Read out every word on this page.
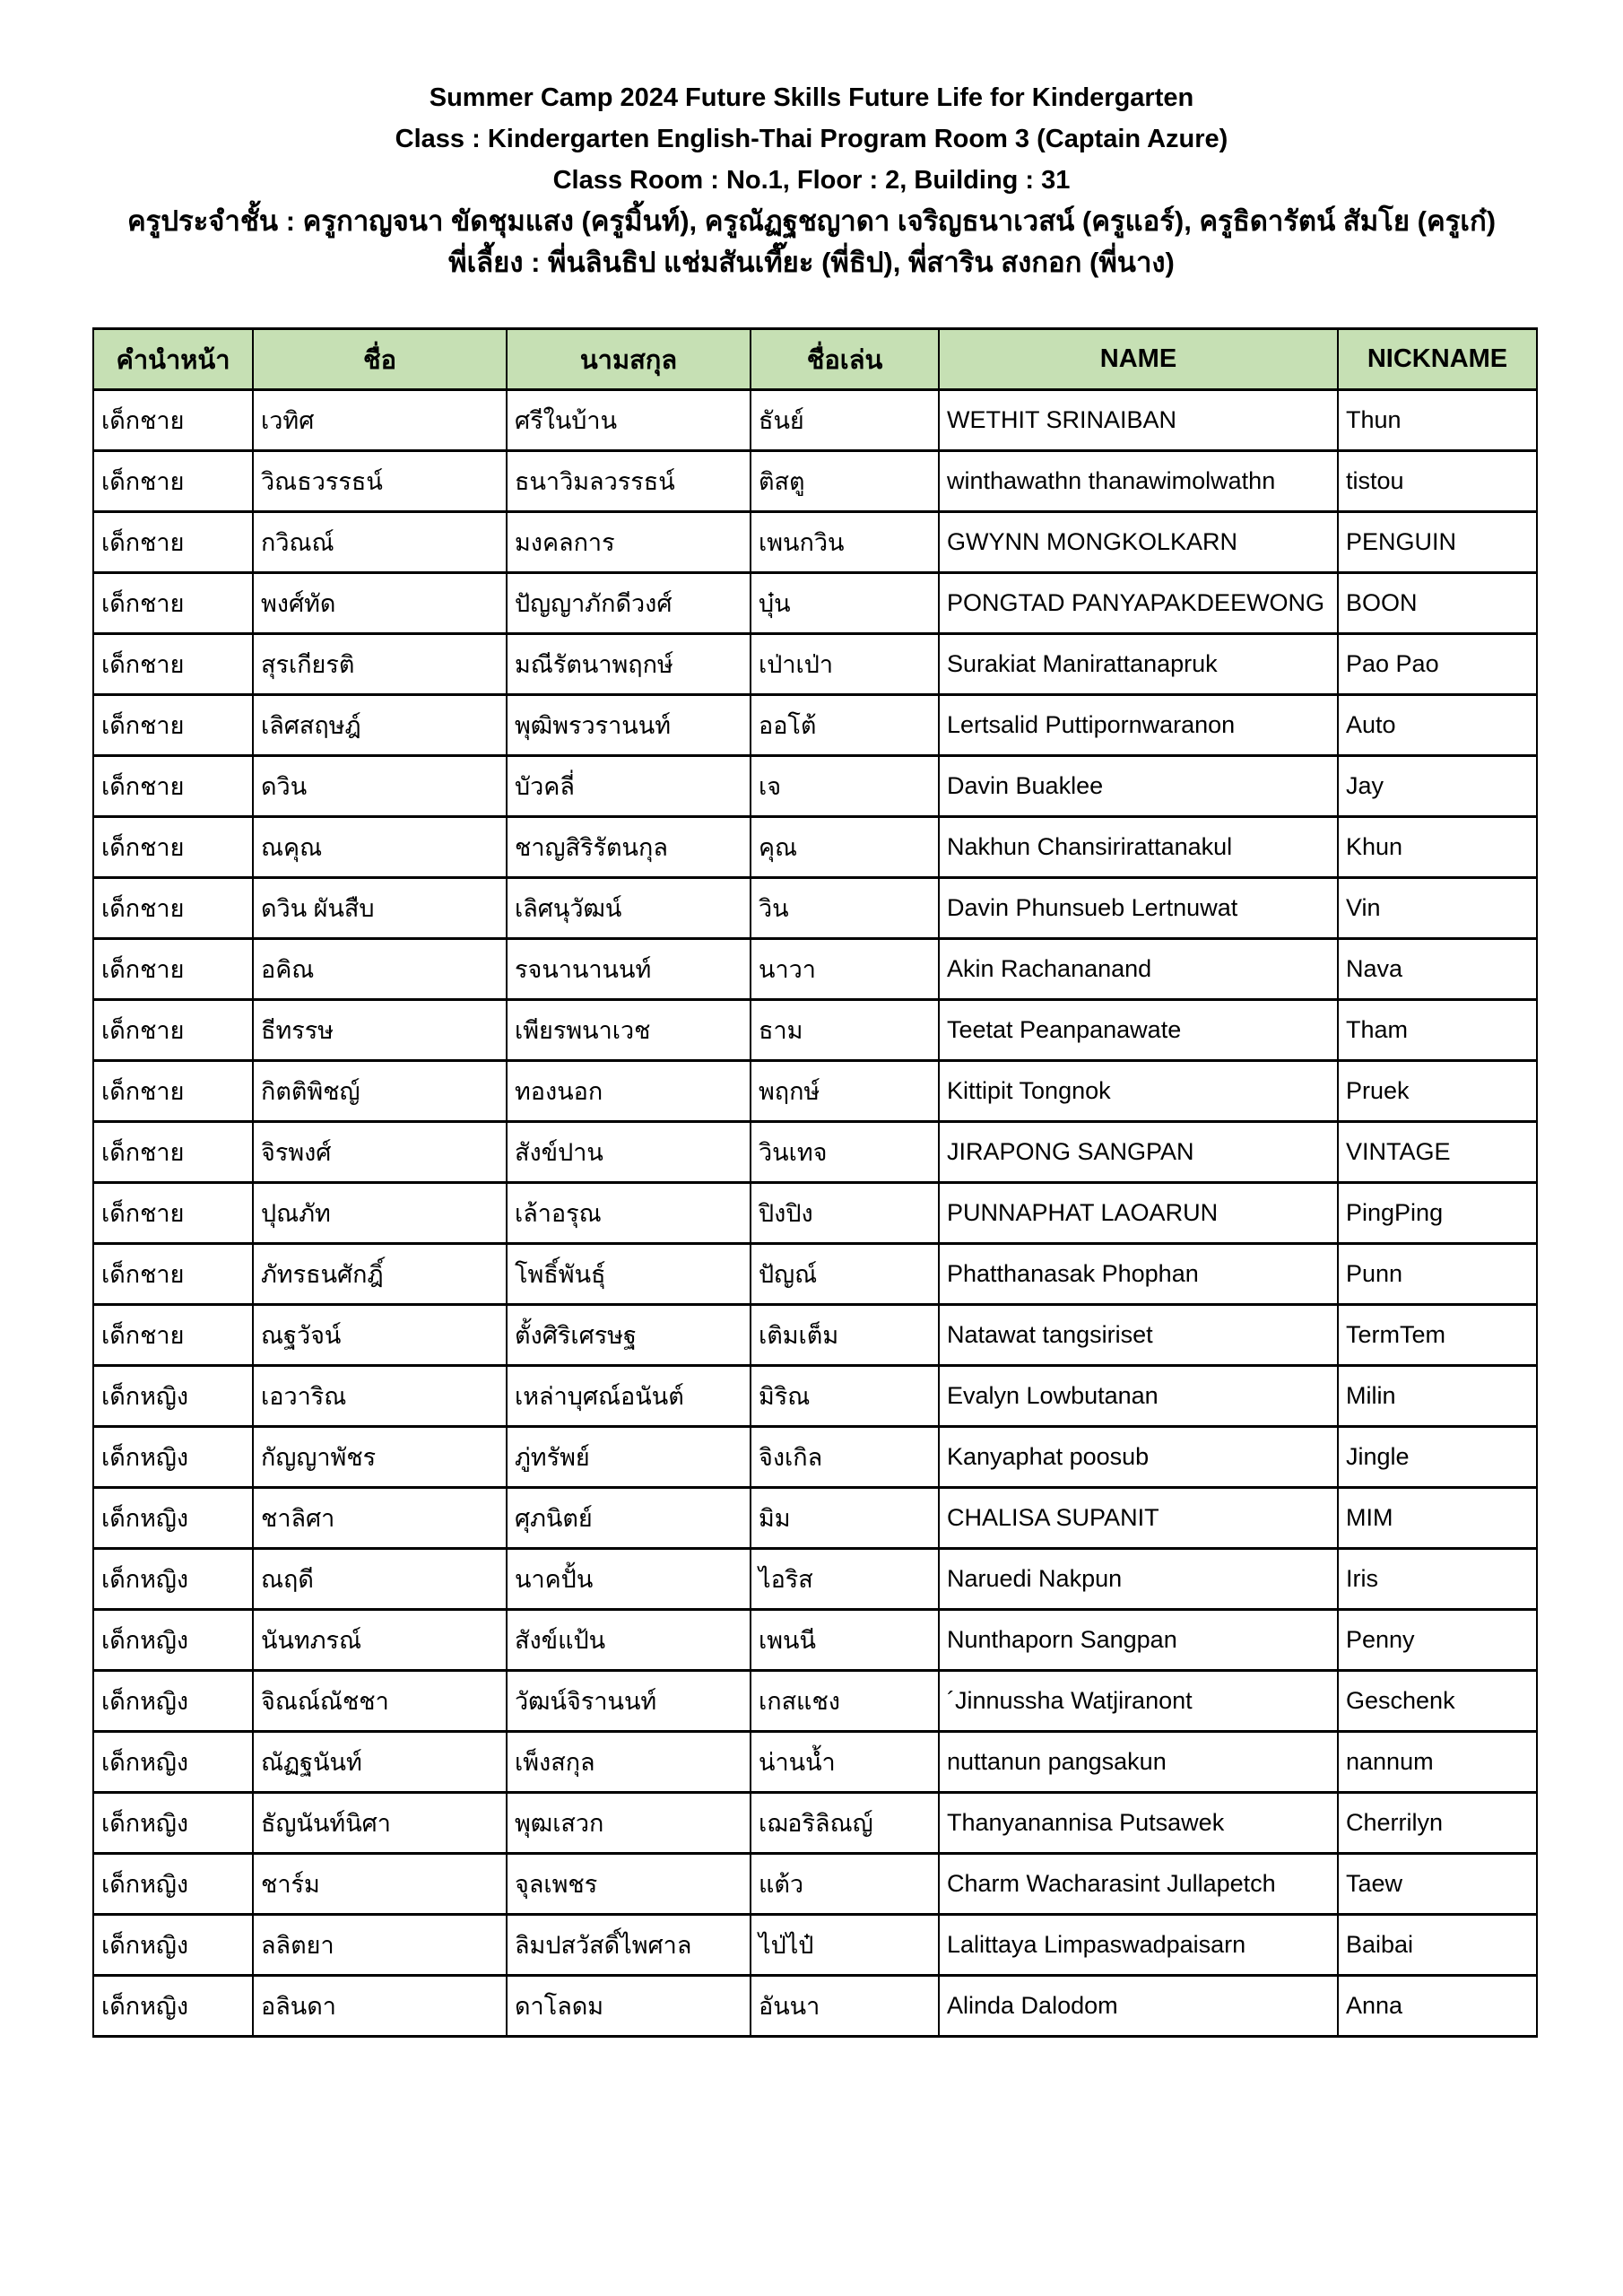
Summer Camp 2024 Future Skills Future Life for Kindergarten
Class : Kindergarten English-Thai Program Room 3 (Captain Azure)
Class Room : No.1, Floor : 2, Building : 31
ครูประจำชั้น : ครูกาญจนา ขัดชุมแสง (ครูมิ้นท์), ครูณัฏฐชญาดา เจริญธนาเวสน์ (ครูแอร์), ครูธิดารัตน์ สัมโย (ครูเก๋)
พี่เลี้ยง : พี่นลินธิป แช่มสันเที๊ยะ (พี่ธิป), พี่สาริน สงกอก (พี่นาง)
คำนำหน้า	ชื่อ	นามสกุล	ชื่อเล่น	NAME	NICKNAME
เด็กชาย	เวทิศ	ศรีในบ้าน	ธันย์	WETHIT SRINAIBAN	Thun
เด็กชาย	วิณธวรรธน์	ธนาวิมลวรรธน์	ติสตู	winthawathn thanawimolwathn	tistou
เด็กชาย	กวิณณ์	มงคลการ	เพนกวิน	GWYNN MONGKOLKARN	PENGUIN
เด็กชาย	พงศ์ทัด	ปัญญาภักดีวงศ์	บุ๋น	PONGTAD PANYAPAKDEEWONG	BOON
เด็กชาย	สุรเกียรติ	มณีรัตนาพฤกษ์	เป่าเป่า	Surakiat Manirattanapruk	Pao Pao
เด็กชาย	เลิศสฤษฎ์	พุฒิพรวรานนท์	ออโต้	Lertsalid Puttipornwaranon	Auto
เด็กชาย	ดวิน	บัวคลี่	เจ	Davin Buaklee	Jay
เด็กชาย	ณคุณ	ชาญสิริรัตนกุล	คุณ	Nakhun Chansirirattanakul	Khun
เด็กชาย	ดวิน ผันสืบ	เลิศนุวัฒน์	วิน	Davin Phunsueb Lertnuwat	Vin
เด็กชาย	อคิณ	รจนานานนท์	นาวา	Akin Rachananand	Nava
เด็กชาย	ธีทรรษ	เพียรพนาเวช	ธาม	Teetat Peanpanawate	Tham
เด็กชาย	กิตติพิชญ์	ทองนอก	พฤกษ์	Kittipit Tongnok	Pruek
เด็กชาย	จิรพงศ์	สังข์ปาน	วินเทจ	JIRAPONG SANGPAN	VINTAGE
เด็กชาย	ปุณภัท	เล้าอรุณ	ปิงปิง	PUNNAPHAT LAOARUN	PingPing
เด็กชาย	ภัทรธนศักฎิ์	โพธิ์พันธุ์	ปัญณ์	Phatthanasak Phophan	Punn
เด็กชาย	ณฐวัจน์	ตั้งศิริเศรษฐ	เติมเต็ม	Natawat tangsiriset	TermTem
เด็กหญิง	เอวาริณ	เหล่าบุศณ์อนันต์	มิริณ	Evalyn Lowbutanan	Milin
เด็กหญิง	กัญญาพัชร	ภู่ทรัพย์	จิงเกิล	Kanyaphat poosub	Jingle
เด็กหญิง	ชาลิศา	ศุภนิตย์	มิม	CHALISA SUPANIT	MIM
เด็กหญิง	ณฤดี	นาคปั้น	ไอริส	Naruedi Nakpun	Iris
เด็กหญิง	นันทภรณ์	สังข์แป้น	เพนนี	Nunthaporn Sangpan	Penny
เด็กหญิง	จิณณ์ณัชชา	วัฒน์จิรานนท์	เกสแชง	´Jinnussha Watjiranont	Geschenk
เด็กหญิง	ณัฏฐนันท์	เพ็งสกุล	น่านน้ำ	nuttanun pangsakun	nannum
เด็กหญิง	ธัญนันท์นิศา	พุฒเสวก	เฌอริลิณญ์	Thanyanannisa Putsawek	Cherrilyn
เด็กหญิง	ชาร์ม	จุลเพชร	แต้ว	Charm Wacharasint Jullapetch	Taew
เด็กหญิง	ลลิตยา	ลิมปสวัสดิ์ไพศาล	ไป่ไป๋	Lalittaya Limpaswadpaisarn	Baibai
เด็กหญิง	อลินดา	ดาโลดม	อันนา	Alinda Dalodom	Anna
